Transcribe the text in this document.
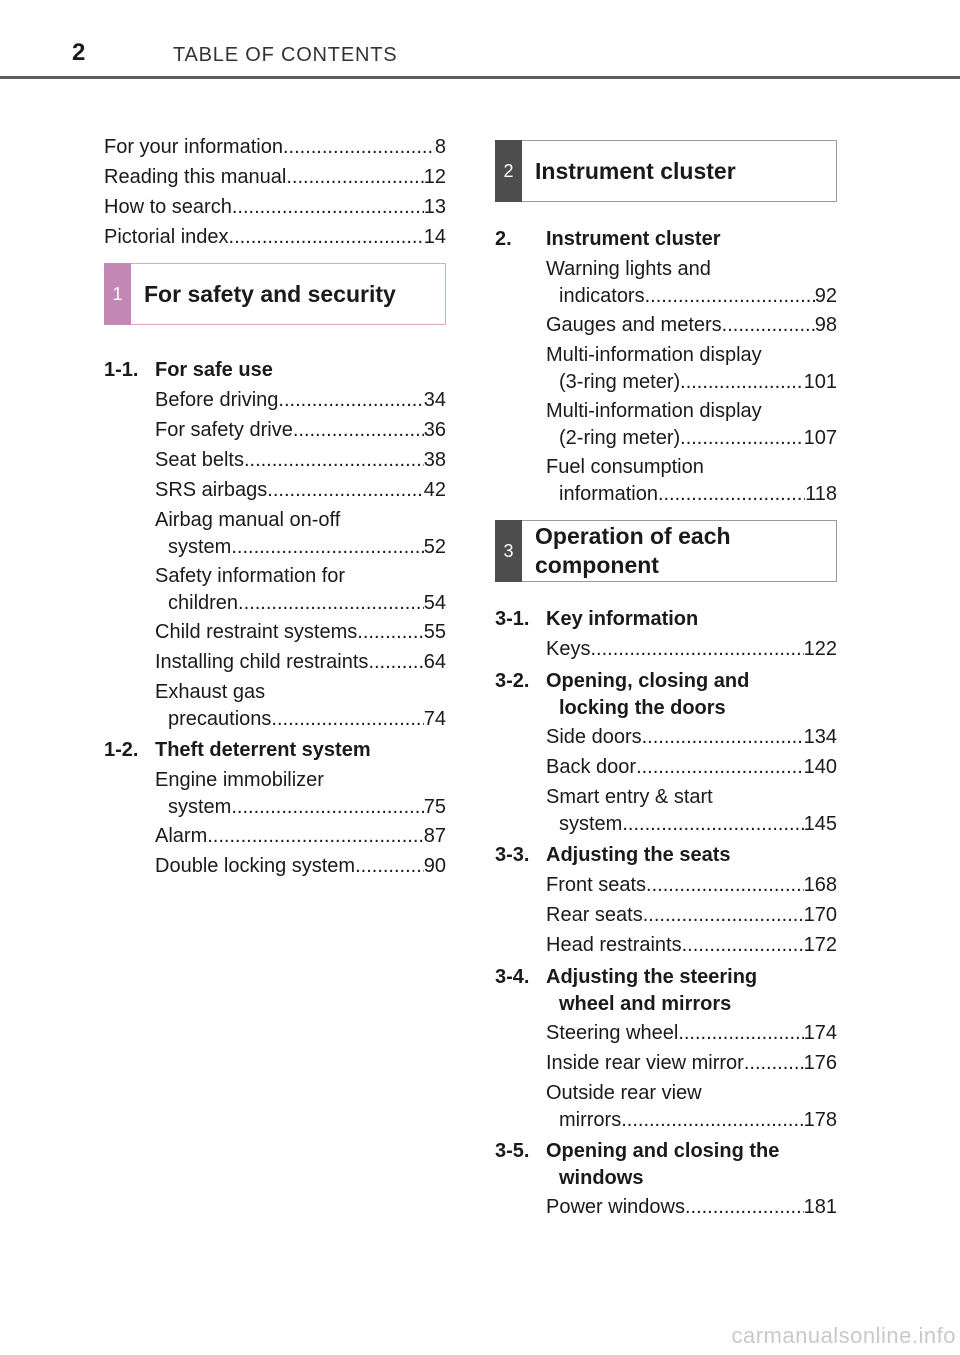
2	TABLE OF CONTENTS
For your information .....	8
Reading this manual .....	12
How to search .....	13
Pictorial index .....	14
1 For safety and security
1-1. For safe use
Before driving .....	34
For safety drive .....	36
Seat belts .....	38
SRS airbags .....	42
Airbag manual on-off
system .....	52
Safety information for
children .....	54
Child restraint systems .....	55
Installing child restraints .....	64
Exhaust gas
precautions .....	74
1-2. Theft deterrent system
Engine immobilizer
system .....	75
Alarm .....	87
Double locking system .....	90
2 Instrument cluster
2.	Instrument cluster
Warning lights and
indicators .....	92
Gauges and meters .....	98
Multi-information display
(3-ring meter) .....	101
Multi-information display
(2-ring meter) .....	107
Fuel consumption
information .....	118
3
Operation of each
component
3-1. Key information
Keys .....	122
3-2. Opening, closing and
locking the doors
Side doors .....	134
Back door .....	140
Smart entry & start
system .....	145
3-3. Adjusting the seats
Front seats .....	168
Rear seats .....	170
Head restraints .....	172
3-4. Adjusting the steering
wheel and mirrors
Steering wheel .....	174
Inside rear view mirror .....	176
Outside rear view
mirrors .....	178
3-5. Opening and closing the
windows
Power windows .....	181
carmanualsonline.info
